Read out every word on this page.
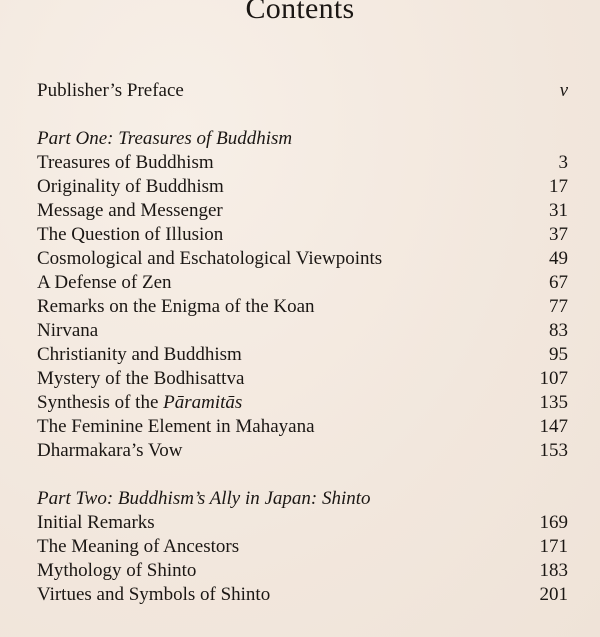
Contents
Publisher’s Preface	v
Part One: Treasures of Buddhism
Treasures of Buddhism	3
Originality of Buddhism	17
Message and Messenger	31
The Question of Illusion	37
Cosmological and Eschatological Viewpoints	49
A Defense of Zen	67
Remarks on the Enigma of the Koan	77
Nirvana	83
Christianity and Buddhism	95
Mystery of the Bodhisattva	107
Synthesis of the Pāramitās	135
The Feminine Element in Mahayana	147
Dharmakara’s Vow	153
Part Two: Buddhism’s Ally in Japan: Shinto
Initial Remarks	169
The Meaning of Ancestors	171
Mythology of Shinto	183
Virtues and Symbols of Shinto	201
